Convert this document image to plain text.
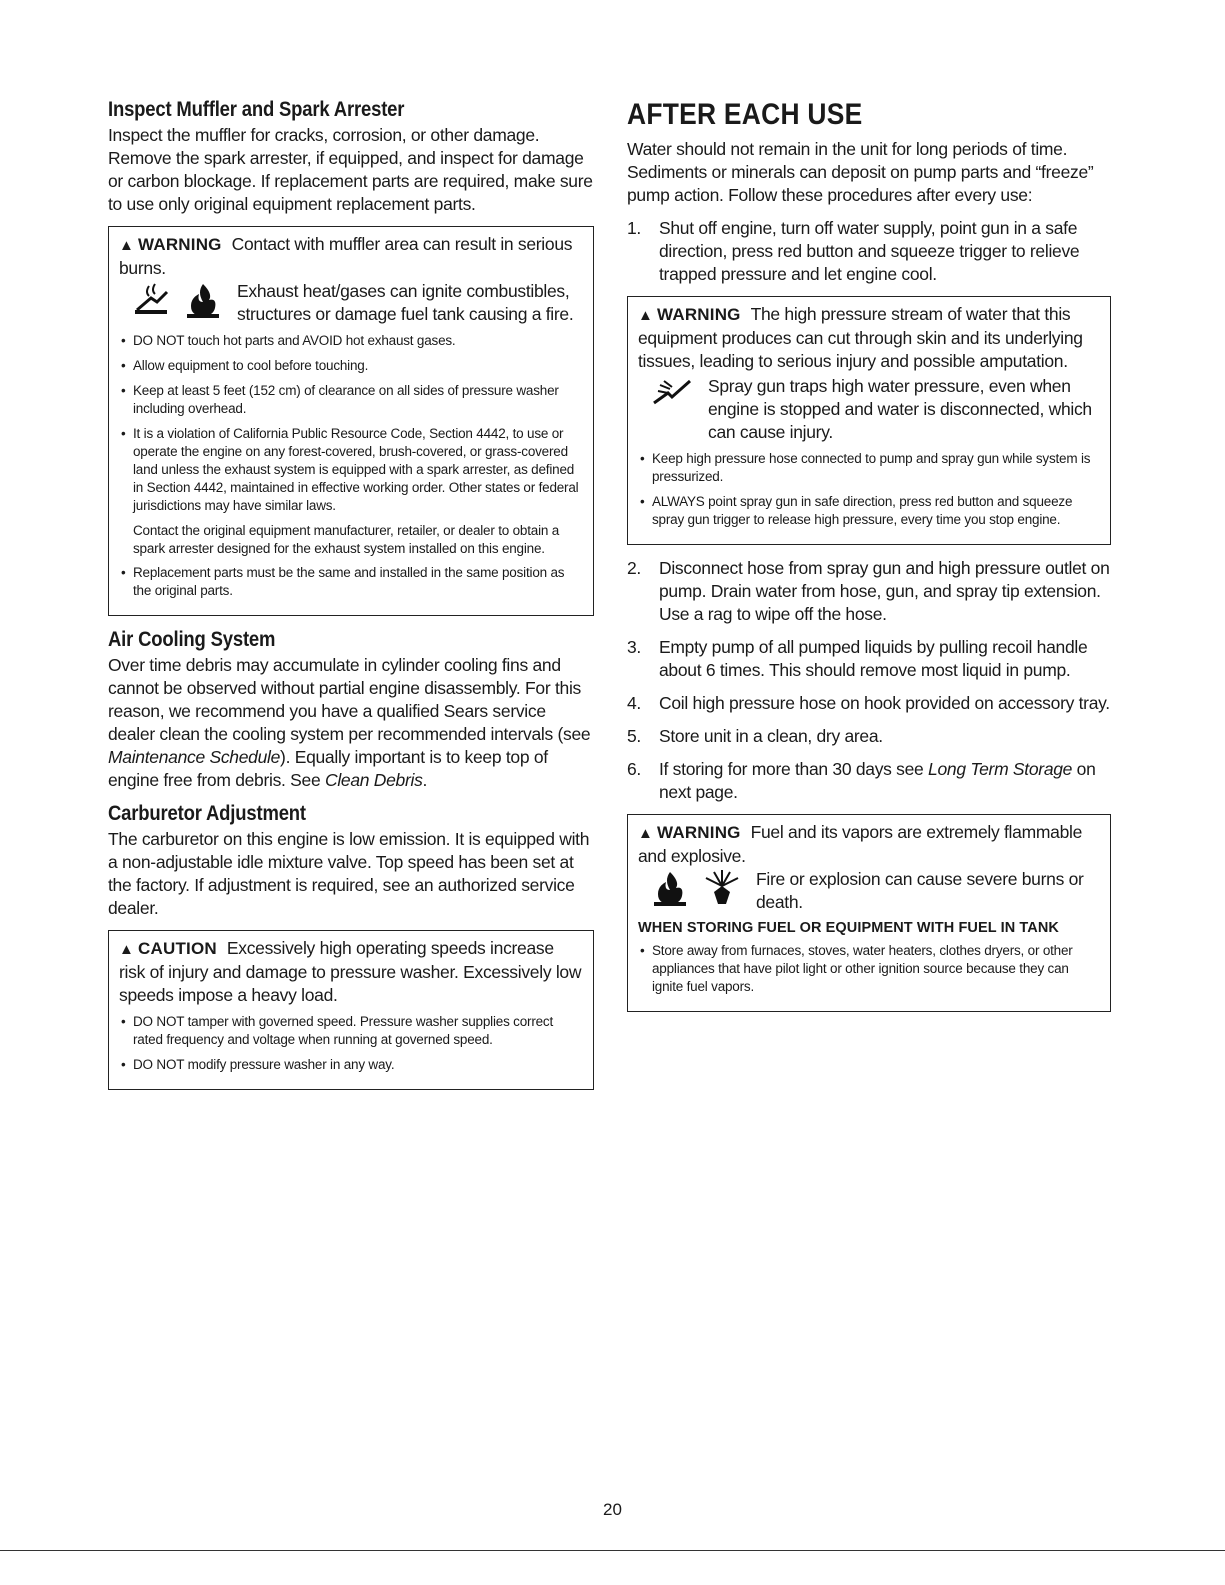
Inspect Muffler and Spark Arrester

Inspect the muffler for cracks, corrosion, or other damage. Remove the spark arrester, if equipped, and inspect for damage or carbon blockage. If replacement parts are required, make sure to use only original equipment replacement parts.

▲ WARNING Contact with muffler area can result in serious burns.
Exhaust heat/gases can ignite combustibles, structures or damage fuel tank causing a fire.
• DO NOT touch hot parts and AVOID hot exhaust gases.
• Allow equipment to cool before touching.
• Keep at least 5 feet (152 cm) of clearance on all sides of pressure washer including overhead.
• It is a violation of California Public Resource Code, Section 4442, to use or operate the engine on any forest-covered, brush-covered, or grass-covered land unless the exhaust system is equipped with a spark arrester, as defined in Section 4442, maintained in effective working order. Other states or federal jurisdictions may have similar laws.
Contact the original equipment manufacturer, retailer, or dealer to obtain a spark arrester designed for the exhaust system installed on this engine.
• Replacement parts must be the same and installed in the same position as the original parts.
Air Cooling System

Over time debris may accumulate in cylinder cooling fins and cannot be observed without partial engine disassembly. For this reason, we recommend you have a qualified Sears service dealer clean the cooling system per recommended intervals (see Maintenance Schedule). Equally important is to keep top of engine free from debris. See Clean Debris.

Carburetor Adjustment

The carburetor on this engine is low emission. It is equipped with a non-adjustable idle mixture valve. Top speed has been set at the factory. If adjustment is required, see an authorized service dealer.

▲ CAUTION Excessively high operating speeds increase risk of injury and damage to pressure washer. Excessively low speeds impose a heavy load.
• DO NOT tamper with governed speed. Pressure washer supplies correct rated frequency and voltage when running at governed speed.
• DO NOT modify pressure washer in any way.
AFTER EACH USE

Water should not remain in the unit for long periods of time. Sediments or minerals can deposit on pump parts and “freeze” pump action. Follow these procedures after every use:

1. Shut off engine, turn off water supply, point gun in a safe direction, press red button and squeeze trigger to relieve trapped pressure and let engine cool.
▲ WARNING The high pressure stream of water that this equipment produces can cut through skin and its underlying tissues, leading to serious injury and possible amputation.
Spray gun traps high water pressure, even when engine is stopped and water is disconnected, which can cause injury.
• Keep high pressure hose connected to pump and spray gun while system is pressurized.
• ALWAYS point spray gun in safe direction, press red button and squeeze spray gun trigger to release high pressure, every time you stop engine.
2. Disconnect hose from spray gun and high pressure outlet on pump. Drain water from hose, gun, and spray tip extension. Use a rag to wipe off the hose.
3. Empty pump of all pumped liquids by pulling recoil handle about 6 times. This should remove most liquid in pump.
4. Coil high pressure hose on hook provided on accessory tray.
5. Store unit in a clean, dry area.
6. If storing for more than 30 days see Long Term Storage on next page.
▲ WARNING Fuel and its vapors are extremely flammable and explosive.
Fire or explosion can cause severe burns or death.
WHEN STORING FUEL OR EQUIPMENT WITH FUEL IN TANK
• Store away from furnaces, stoves, water heaters, clothes dryers, or other appliances that have pilot light or other ignition source because they can ignite fuel vapors.
20
